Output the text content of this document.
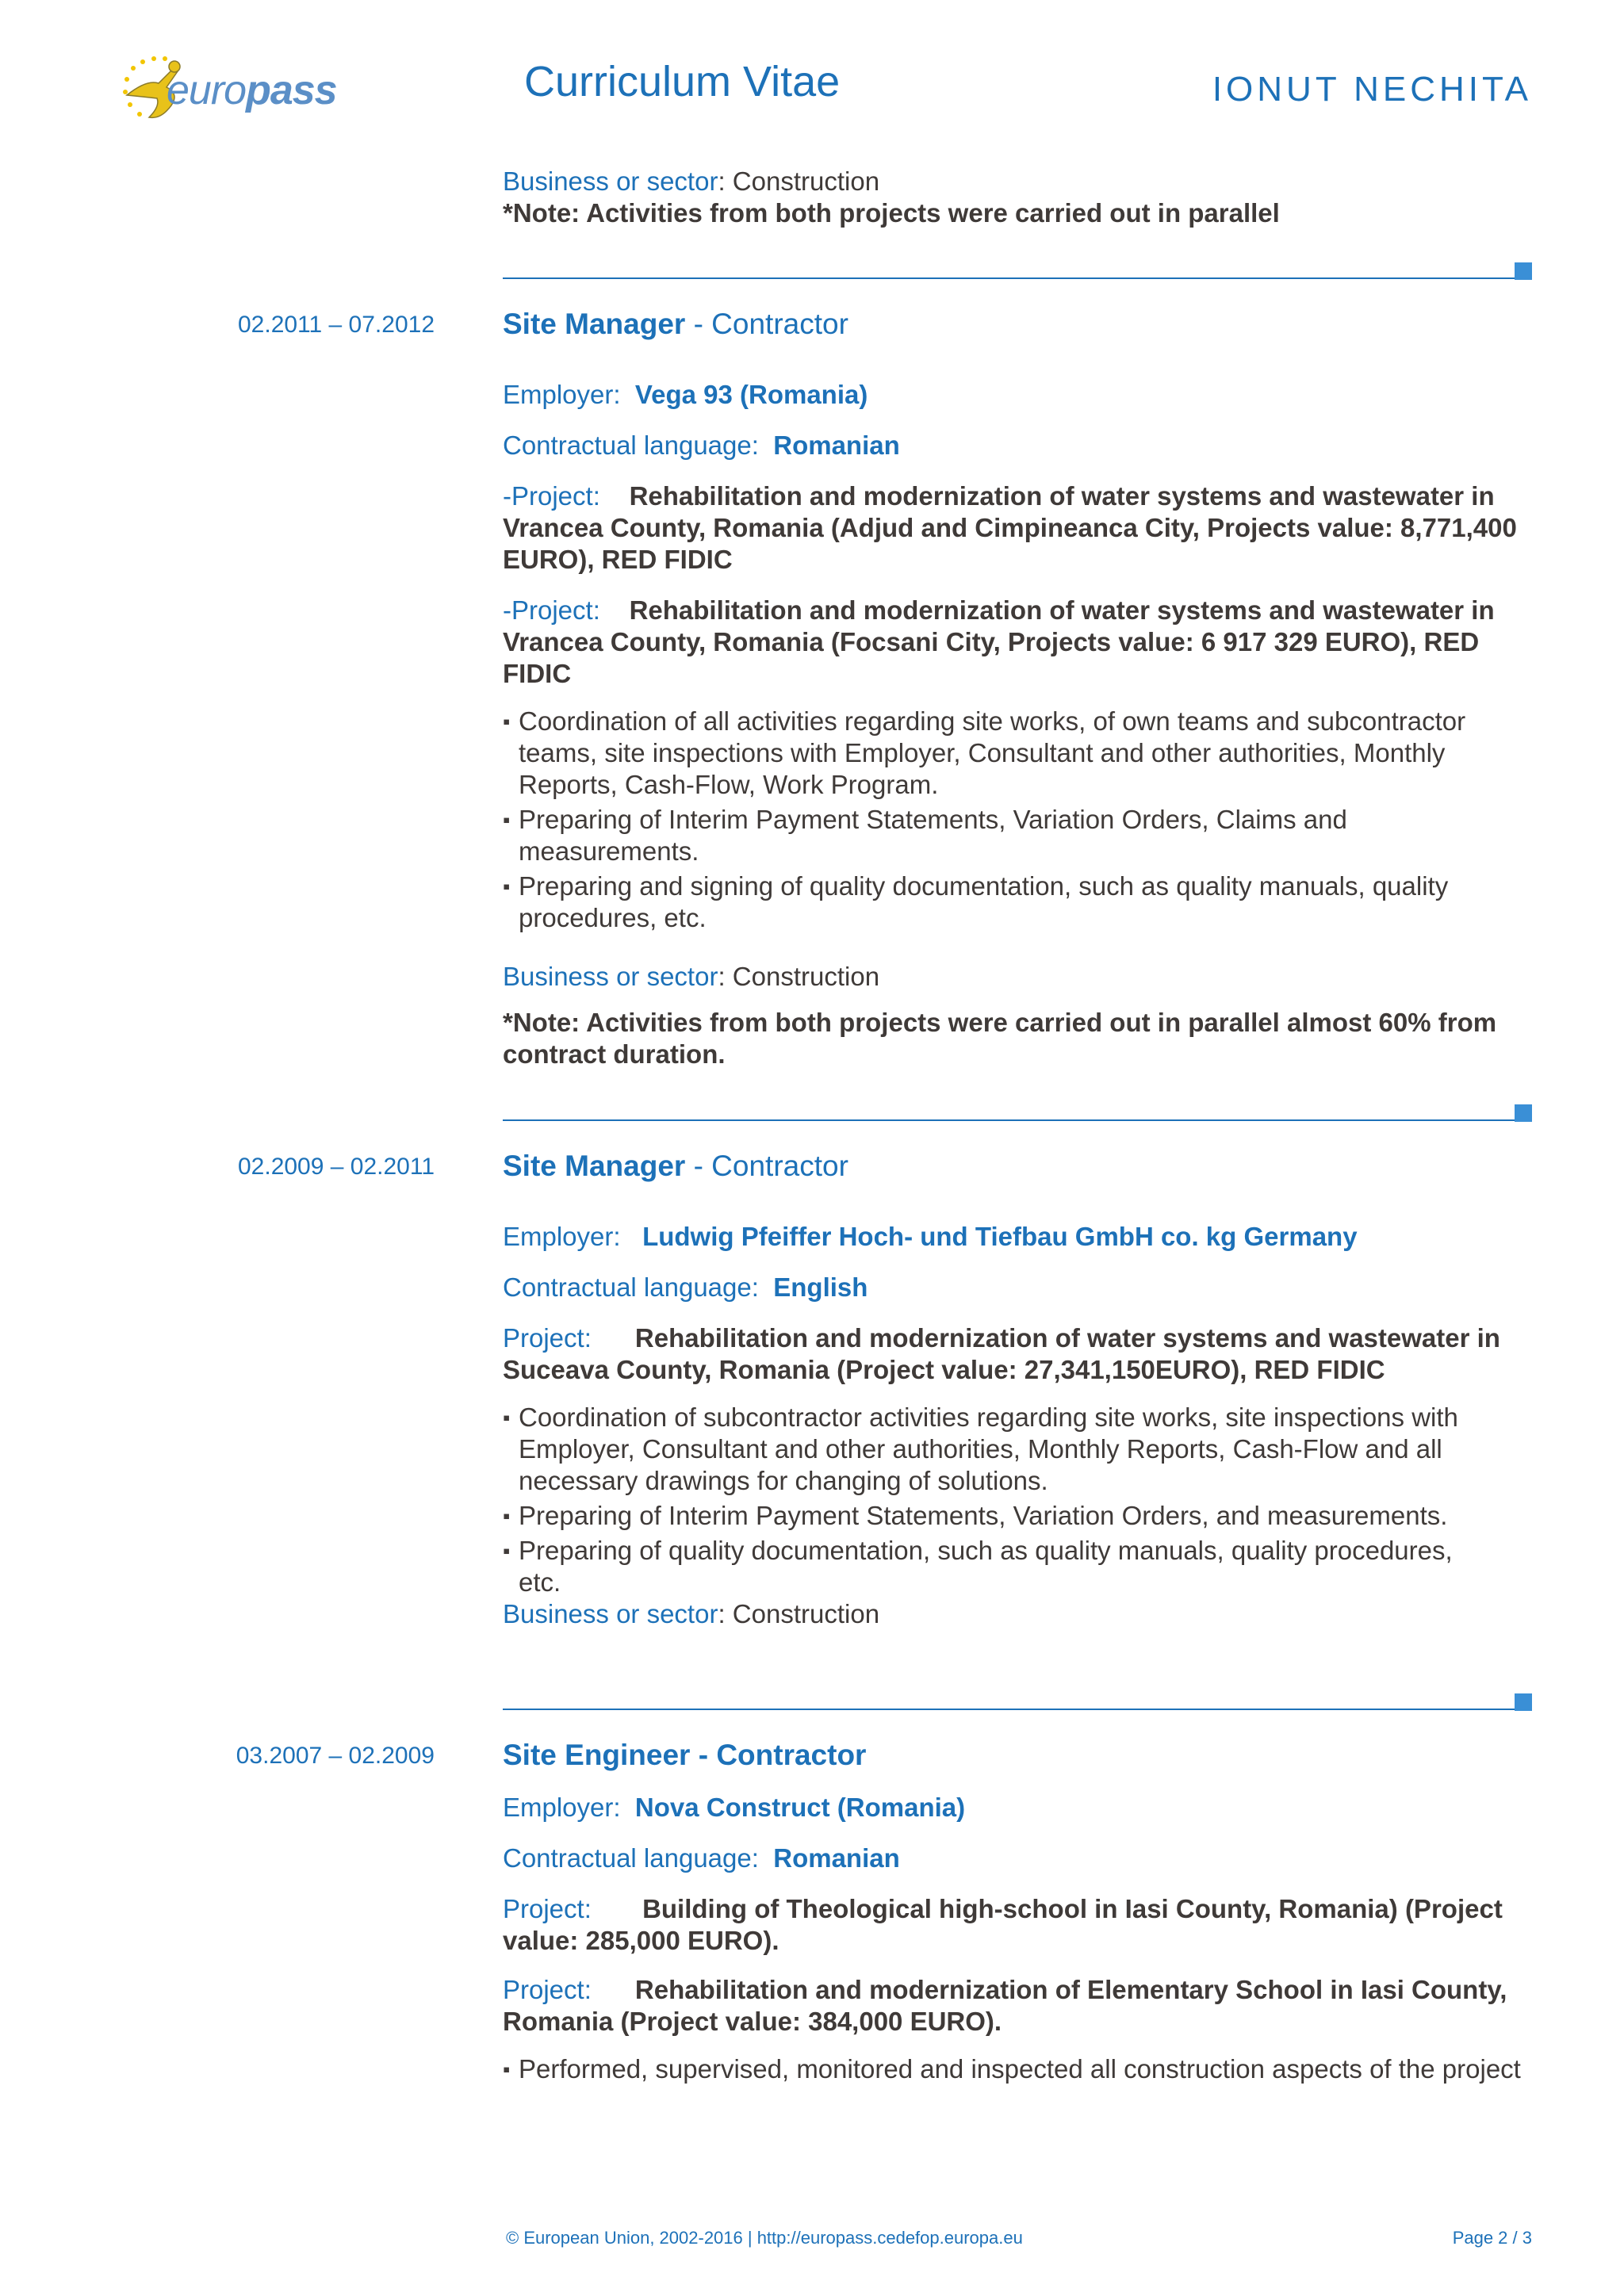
europass	Curriculum Vitae	IONUT NECHITA
Business or sector: Construction
*Note: Activities from both projects were carried out in parallel
02.2011 – 07.2012 Site Manager - Contractor
Employer: Vega 93 (Romania)
Contractual language: Romanian
-Project: Rehabilitation and modernization of water systems and wastewater in Vrancea County, Romania (Adjud and Cimpineanca City, Projects value: 8,771,400 EURO), RED FIDIC
-Project: Rehabilitation and modernization of water systems and wastewater in Vrancea County, Romania (Focsani City, Projects value: 6 917 329 EURO), RED FIDIC
▪ Coordination of all activities regarding site works, of own teams and subcontractor teams, site inspections with Employer, Consultant and other authorities, Monthly Reports, Cash-Flow, Work Program.
▪ Preparing of Interim Payment Statements, Variation Orders, Claims and measurements.
▪ Preparing and signing of quality documentation, such as quality manuals, quality procedures, etc.
Business or sector: Construction
*Note: Activities from both projects were carried out in parallel almost 60% from contract duration.
02.2009 – 02.2011 Site Manager - Contractor
Employer: Ludwig Pfeiffer Hoch- und Tiefbau GmbH co. kg Germany
Contractual language: English
Project: Rehabilitation and modernization of water systems and wastewater in Suceava County, Romania (Project value: 27,341,150EURO), RED FIDIC
▪ Coordination of subcontractor activities regarding site works, site inspections with Employer, Consultant and other authorities, Monthly Reports, Cash-Flow and all necessary drawings for changing of solutions.
▪ Preparing of Interim Payment Statements, Variation Orders, and measurements.
▪ Preparing of quality documentation, such as quality manuals, quality procedures, etc.
Business or sector: Construction
03.2007 – 02.2009 Site Engineer - Contractor
Employer: Nova Construct (Romania)
Contractual language: Romanian
Project: Building of Theological high-school in Iasi County, Romania) (Project value: 285,000 EURO).
Project: Rehabilitation and modernization of Elementary School in Iasi County, Romania (Project value: 384,000 EURO).
▪ Performed, supervised, monitored and inspected all construction aspects of the project
© European Union, 2002-2016 | http://europass.cedefop.europa.eu	Page 2 / 3
